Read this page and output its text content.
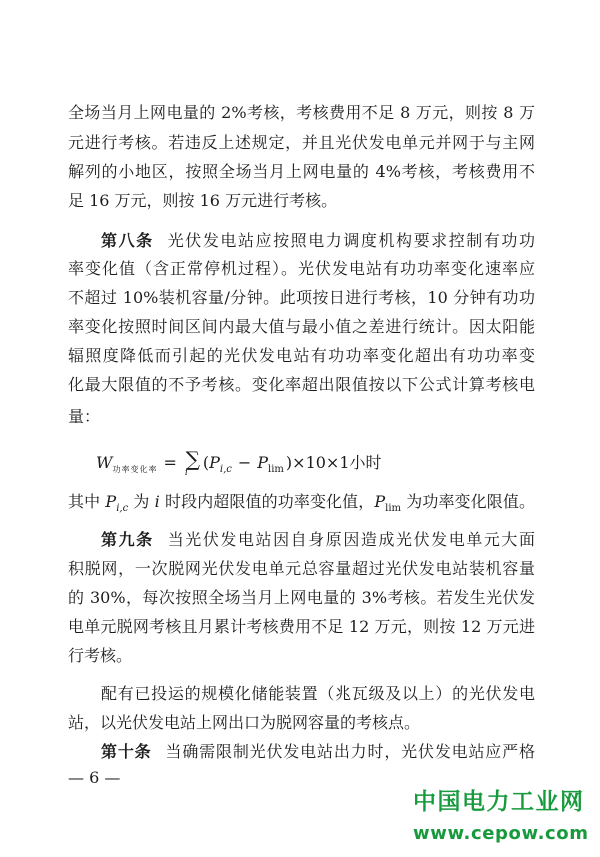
全场当月上网电量的 2%考核，考核费用不足 8 万元，则按 8 万
元进行考核。若违反上述规定，并且光伏发电单元并网于与主网
解列的小地区，按照全场当月上网电量的 4%考核，考核费用不
足 16 万元，则按 16 万元进行考核。
第八条 光伏发电站应按照电力调度机构要求控制有功功
率变化值（含正常停机过程）。光伏发电站有功功率变化速率应
不超过 10%装机容量/分钟。此项按日进行考核，10 分钟有功功
率变化按照时间区间内最大值与最小值之差进行统计。因太阳能
辐照度降低而引起的光伏发电站有功功率变化超出有功功率变
化最大限值的不予考核。变化率超出限值按以下公式计算考核电
量：
$W_{功率变化率}$ = ∑
i
($P_{i,c} - P_{lim}$ )×10×1小时
其中 $P_{i,c}$ 为 i 时段内超限值的功率变化值，$P_{lim}$ 为功率变化限值。
第九条 当光伏发电站因自身原因造成光伏发电单元大面
积脱网，一次脱网光伏发电单元总容量超过光伏发电站装机容量
的 30%，每次按照全场当月上网电量的 3%考核。若发生光伏发
电单元脱网考核且月累计考核费用不足 12 万元，则按 12 万元进
行考核。
配有已投运的规模化储能装置（兆瓦级及以上）的光伏发电
站，以光伏发电站上网出口为脱网容量的考核点。
第十条 当确需限制光伏发电站出力时，光伏发电站应严格
— 6 —
中国电力工业网
www.cepow.com
